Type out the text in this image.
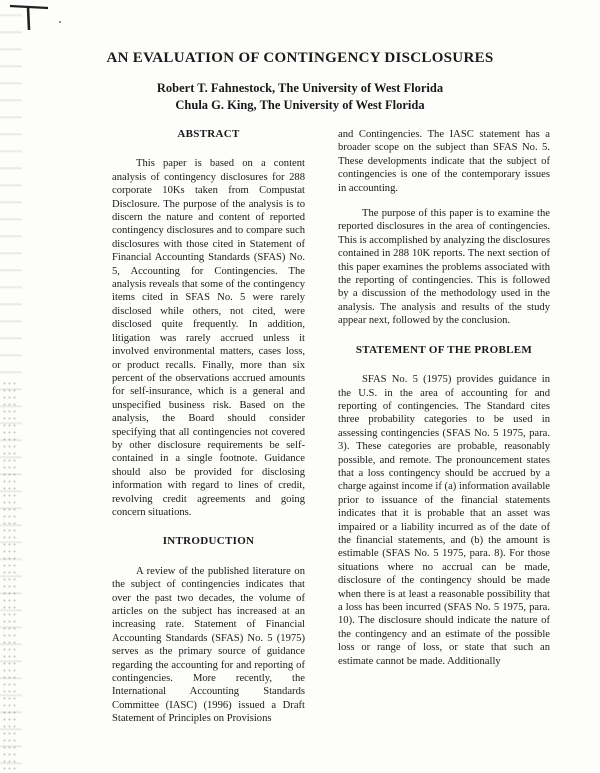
AN EVALUATION OF CONTINGENCY DISCLOSURES
Robert T. Fahnestock, The University of West Florida
Chula G. King, The University of West Florida

ABSTRACT

This paper is based on a content analysis of contingency disclosures for 288 corporate 10Ks taken from Compustat Disclosure. The purpose of the analysis is to discern the nature and content of reported contingency disclosures and to compare such disclosures with those cited in Statement of Financial Accounting Standards (SFAS) No. 5, Accounting for Contingencies. The analysis reveals that some of the contingency items cited in SFAS No. 5 were rarely disclosed while others, not cited, were disclosed quite frequently. In addition, litigation was rarely accrued unless it involved environmental matters, cases loss, or product recalls. Finally, more than six percent of the observations accrued amounts for self-insurance, which is a general and unspecified business risk. Based on the analysis, the Board should consider specifying that all contingencies not covered by other disclosure requirements be self-contained in a single footnote. Guidance should also be provided for disclosing information with regard to lines of credit, revolving credit agreements and going concern situations.

INTRODUCTION

A review of the published literature on the subject of contingencies indicates that over the past two decades, the volume of articles on the subject has increased at an increasing rate. Statement of Financial Accounting Standards (SFAS) No. 5 (1975) serves as the primary source of guidance regarding the accounting for and reporting of contingencies. More recently, the International Accounting Standards Committee (IASC) (1996) issued a Draft Statement of Principles on Provisions

and Contingencies. The IASC statement has a broader scope on the subject than SFAS No. 5. These developments indicate that the subject of contingencies is one of the contemporary issues in accounting.

The purpose of this paper is to examine the reported disclosures in the area of contingencies. This is accomplished by analyzing the disclosures contained in 288 10K reports. The next section of this paper examines the problems associated with the reporting of contingencies. This is followed by a discussion of the methodology used in the analysis. The analysis and results of the study appear next, followed by the conclusion.

STATEMENT OF THE PROBLEM

SFAS No. 5 (1975) provides guidance in the U.S. in the area of accounting for and reporting of contingencies. The Standard cites three probability categories to be used in assessing contingencies (SFAS No. 5 1975, para. 3). These categories are probable, reasonably possible, and remote. The pronouncement states that a loss contingency should be accrued by a charge against income if (a) information available prior to issuance of the financial statements indicates that it is probable that an asset was impaired or a liability incurred as of the date of the financial statements, and (b) the amount is estimable (SFAS No. 5 1975, para. 8). For those situations where no accrual can be made, disclosure of the contingency should be made when there is at least a reasonable possibility that a loss has been incurred (SFAS No. 5 1975, para. 10). The disclosure should indicate the nature of the contingency and an estimate of the possible loss or range of loss, or state that such an estimate cannot be made. Additionally
